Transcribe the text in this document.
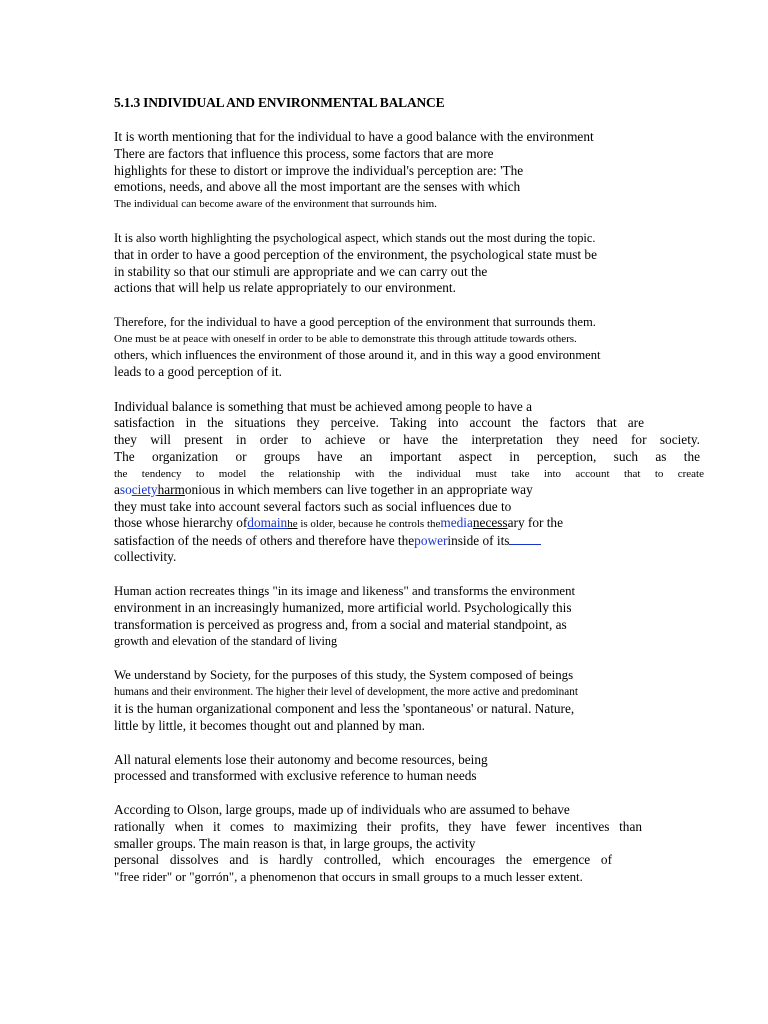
5.1.3 INDIVIDUAL AND ENVIRONMENTAL BALANCE
It is worth mentioning that for the individual to have a good balance with the environment
There are factors that influence this process, some factors that are more
highlights for these to distort or improve the individual's perception are: 'The
emotions, needs, and above all the most important are the senses with which
The individual can become aware of the environment that surrounds him.
It is also worth highlighting the psychological aspect, which stands out the most during the topic.
that in order to have a good perception of the environment, the psychological state must be
in stability so that our stimuli are appropriate and we can carry out the
actions that will help us relate appropriately to our environment.
Therefore, for the individual to have a good perception of the environment that surrounds them.
One must be at peace with oneself in order to be able to demonstrate this through attitude towards others.
others, which influences the environment of those around it, and in this way a good environment
leads to a good perception of it.
Individual balance is something that must be achieved among people to have a
satisfaction in the situations they perceive. Taking into account the factors that are
they will present in order to achieve or have the interpretation they need for society.
The organization or groups have an important aspect in perception, such as the
the tendency to model the relationship with the individual must take into account that to create
asocietyharmonious in which members can live together in an appropriate way
they must take into account several factors such as social influences due to
those whose hierarchy ofdomainhe is older, because he controls themedianecessary for the
satisfaction of the needs of others and therefore have thepowerinside of its
collectivity.
Human action recreates things "in its image and likeness" and transforms the environment
environment in an increasingly humanized, more artificial world. Psychologically this
transformation is perceived as progress and, from a social and material standpoint, as
growth and elevation of the standard of living
We understand by Society, for the purposes of this study, the System composed of beings
humans and their environment. The higher their level of development, the more active and predominant
it is the human organizational component and less the 'spontaneous' or natural. Nature,
little by little, it becomes thought out and planned by man.
All natural elements lose their autonomy and become resources, being
processed and transformed with exclusive reference to human needs
According to Olson, large groups, made up of individuals who are assumed to behave
rationally when it comes to maximizing their profits, they have fewer incentives than
smaller groups. The main reason is that, in large groups, the activity
personal dissolves and is hardly controlled, which encourages the emergence of
"free rider" or "gorrón", a phenomenon that occurs in small groups to a much lesser extent.
